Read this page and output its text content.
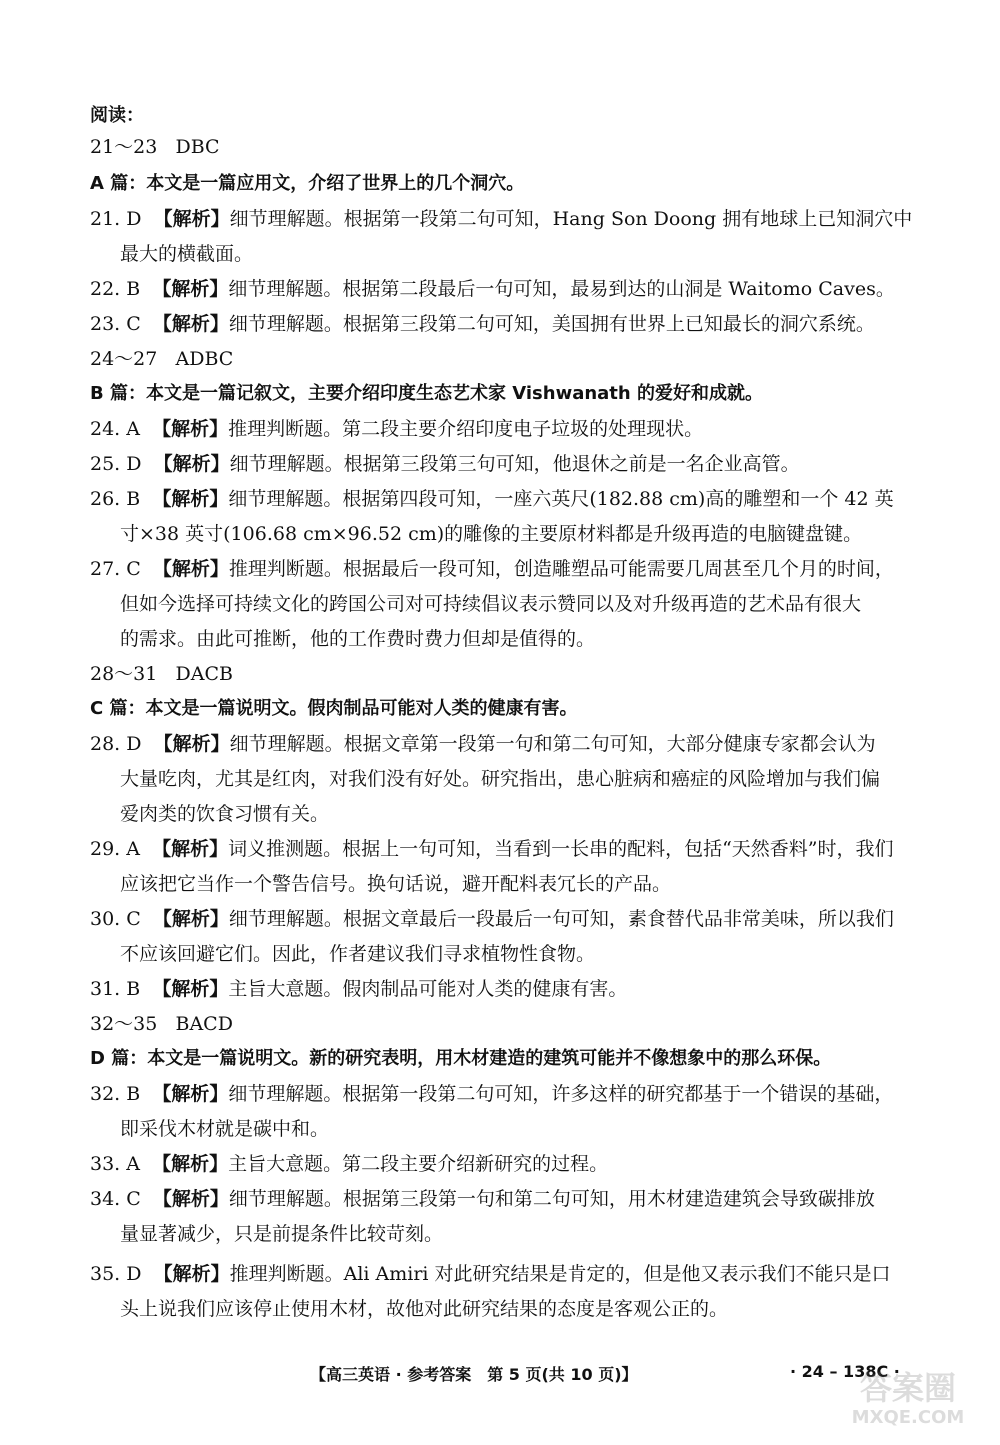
阅读：
21～23 DBC
A 篇：本文是一篇应用文，介绍了世界上的几个洞穴。
21. D 【解析】细节理解题。根据第一段第二句可知，Hang Son Doong 拥有地球上已知洞穴中
最大的横截面。
22. B 【解析】细节理解题。根据第二段最后一句可知，最易到达的山洞是 Waitomo Caves。
23. C 【解析】细节理解题。根据第三段第二句可知，美国拥有世界上已知最长的洞穴系统。
24～27 ADBC
B 篇：本文是一篇记叙文，主要介绍印度生态艺术家 Vishwanath 的爱好和成就。
24. A 【解析】推理判断题。第二段主要介绍印度电子垃圾的处理现状。
25. D 【解析】细节理解题。根据第三段第三句可知，他退休之前是一名企业高管。
26. B 【解析】细节理解题。根据第四段可知，一座六英尺(182.88 cm)高的雕塑和一个 42 英
寸×38 英寸(106.68 cm×96.52 cm)的雕像的主要原材料都是升级再造的电脑键盘键。
27. C 【解析】推理判断题。根据最后一段可知，创造雕塑品可能需要几周甚至几个月的时间，
但如今选择可持续文化的跨国公司对可持续倡议表示赞同以及对升级再造的艺术品有很大
的需求。由此可推断，他的工作费时费力但却是值得的。
28～31 DACB
C 篇：本文是一篇说明文。假肉制品可能对人类的健康有害。
28. D 【解析】细节理解题。根据文章第一段第一句和第二句可知，大部分健康专家都会认为
大量吃肉，尤其是红肉，对我们没有好处。研究指出，患心脏病和癌症的风险增加与我们偏
爱肉类的饮食习惯有关。
29. A 【解析】词义推测题。根据上一句可知，当看到一长串的配料，包括“天然香料”时，我们
应该把它当作一个警告信号。换句话说，避开配料表冗长的产品。
30. C 【解析】细节理解题。根据文章最后一段最后一句可知，素食替代品非常美味，所以我们
不应该回避它们。因此，作者建议我们寻求植物性食物。
31. B 【解析】主旨大意题。假肉制品可能对人类的健康有害。
32～35 BACD
D 篇：本文是一篇说明文。新的研究表明，用木材建造的建筑可能并不像想象中的那么环保。
32. B 【解析】细节理解题。根据第一段第二句可知，许多这样的研究都基于一个错误的基础，
即采伐木材就是碳中和。
33. A 【解析】主旨大意题。第二段主要介绍新研究的过程。
34. C 【解析】细节理解题。根据第三段第一句和第二句可知，用木材建造建筑会导致碳排放
量显著减少，只是前提条件比较苛刻。
35. D 【解析】推理判断题。Ali Amiri 对此研究结果是肯定的，但是他又表示我们不能只是口
头上说我们应该停止使用木材，故他对此研究结果的态度是客观公正的。
【高三英语 · 参考答案　第 5 页(共 10 页)】	· 24 – 138C ·
答案圈
MXQE.COM
